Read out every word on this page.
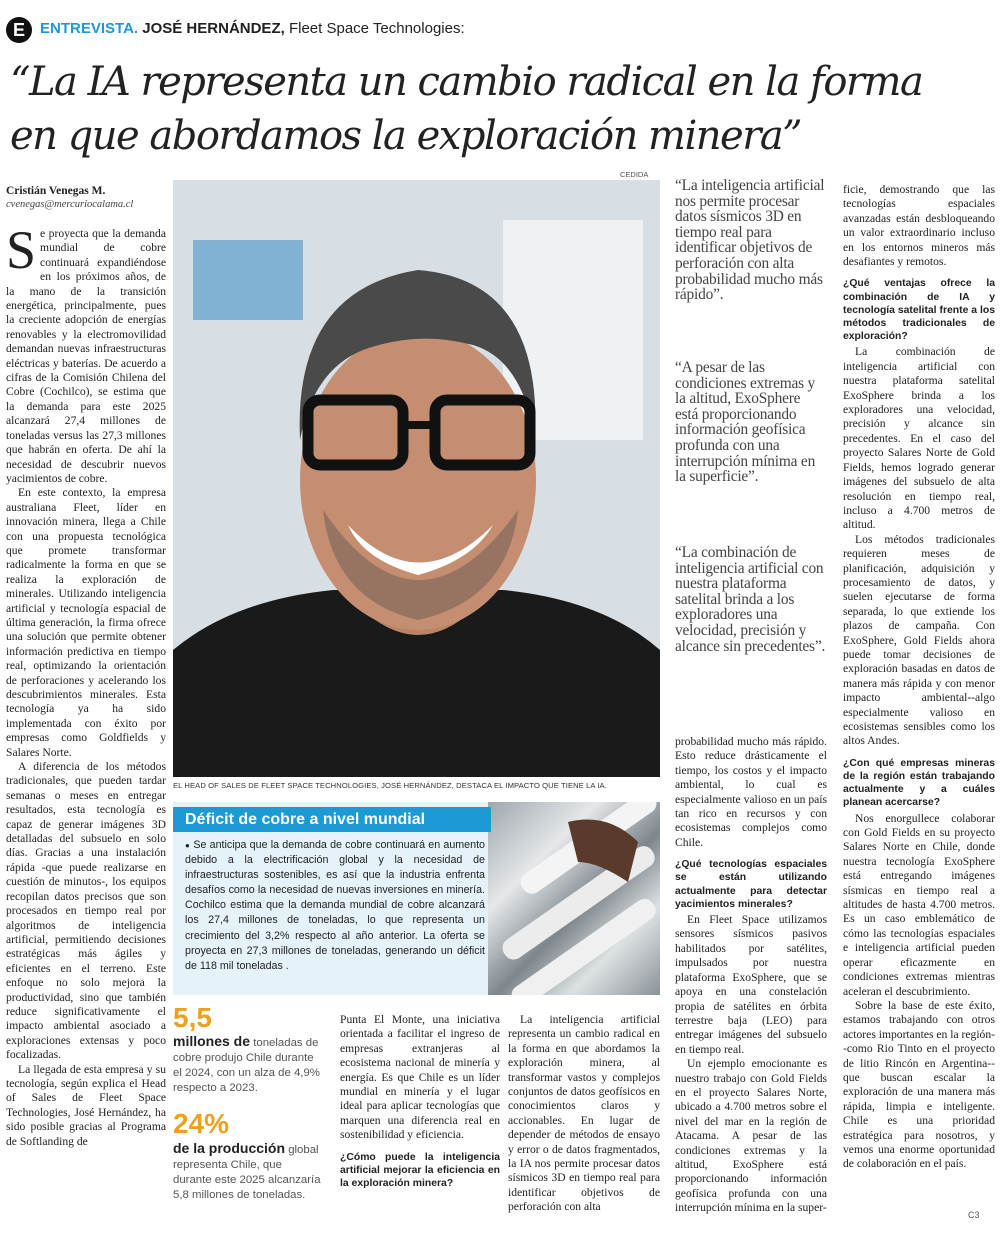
E	ENTREVISTA. JOSÉ HERNÁNDEZ, Fleet Space Technologies:
“La IA representa un cambio radical en la forma
en que abordamos la exploración minera”
Cristián Venegas M.
cvenegas@mercuriocalama.cl

Se proyecta que la demanda mundial de cobre continuará expandiéndose en los próximos años, de la mano de la transición energética, principalmente, pues la creciente adopción de energías renovables y la electromovilidad demandan nuevas infraestructuras eléctricas y baterías. De acuerdo a cifras de la Comisión Chilena del Cobre (Cochilco), se estima que la demanda para este 2025 alcanzará 27,4 millones de toneladas versus las 27,3 millones que habrán en oferta. De ahí la necesidad de descubrir nuevos yacimientos de cobre.

En este contexto, la empresa australiana Fleet, líder en innovación minera, llega a Chile con una propuesta tecnológica que promete transformar radicalmente la forma en que se realiza la exploración de minerales. Utilizando inteligencia artificial y tecnología espacial de última generación, la firma ofrece una solución que permite obtener información predictiva en tiempo real, optimizando la orientación de perforaciones y acelerando los descubrimientos minerales. Esta tecnología ya ha sido implementada con éxito por empresas como Goldfields y Salares Norte.

A diferencia de los métodos tradicionales, que pueden tardar semanas o meses en entregar resultados, esta tecnología es capaz de generar imágenes 3D detalladas del subsuelo en solo días. Gracias a una instalación rápida -que puede realizarse en cuestión de minutos-, los equipos recopilan datos precisos que son procesados en tiempo real por algoritmos de inteligencia artificial, permitiendo decisiones estratégicas más ágiles y eficientes en el terreno. Este enfoque no solo mejora la productividad, sino que también reduce significativamente el impacto ambiental asociado a exploraciones extensas y poco focalizadas.

La llegada de esta empresa y su tecnología, según explica el Head of Sales de Fleet Space Technologies, José Hernández, ha sido posible gracias al Programa de Softlanding de

CEDIDA
EL HEAD OF SALES DE FLEET SPACE TECHNOLOGIES, JOSÉ HERNÁNDEZ, DESTACA EL IMPACTO QUE TIENE LA IA.
Déficit de cobre a nivel mundial
● Se anticipa que la demanda de cobre continuará en aumento debido a la electrificación global y la necesidad de infraestructuras sostenibles, es así que la industria enfrenta desafíos como la necesidad de nuevas inversiones en minería. Cochilco estima que la demanda mundial de cobre alcanzará los 27,4 millones de toneladas, lo que representa un crecimiento del 3,2% respecto al año anterior. La oferta se proyecta en 27,3 millones de toneladas, generando un déficit de 118 mil toneladas .
5,5
millones de toneladas de cobre produjo Chile durante el 2024, con un alza de 4,9% respecto a 2023.
24%
de la producción global representa Chile, que durante este 2025 alcanzaría 5,8 millones de toneladas.

Punta El Monte, una iniciativa orientada a facilitar el ingreso de empresas extranjeras al ecosistema nacional de minería y energía. Es que Chile es un líder mundial en minería y el lugar ideal para aplicar tecnologías que marquen una diferencia real en sostenibilidad y eficiencia.

¿Cómo puede la inteligencia artificial mejorar la eficiencia en la exploración minera?

La inteligencia artificial representa un cambio radical en la forma en que abordamos la exploración minera, al transformar vastos y complejos conjuntos de datos geofísicos en conocimientos claros y accionables. En lugar de depender de métodos de ensayo y error o de datos fragmentados, la IA nos permite procesar datos sísmicos 3D en tiempo real para identificar objetivos de perforación con alta

“La inteligencia artificial nos permite procesar datos sísmicos 3D en tiempo real para identificar objetivos de perforación con alta probabilidad mucho más rápido”.
“A pesar de las condiciones extremas y la altitud, ExoSphere está proporcionando información geofísica profunda con una interrupción mínima en la superficie”.
“La combinación de inteligencia artificial con nuestra plataforma satelital brinda a los exploradores una velocidad, precisión y alcance sin precedentes”.

probabilidad mucho más rápido. Esto reduce drásticamente el tiempo, los costos y el impacto ambiental, lo cual es especialmente valioso en un país tan rico en recursos y con ecosistemas complejos como Chile.

¿Qué tecnologías espaciales se están utilizando actualmente para detectar yacimientos minerales?

En Fleet Space utilizamos sensores sísmicos pasivos habilitados por satélites, impulsados por nuestra plataforma ExoSphere, que se apoya en una constelación propia de satélites en órbita terrestre baja (LEO) para entregar imágenes del subsuelo en tiempo real.

Un ejemplo emocionante es nuestro trabajo con Gold Fields en el proyecto Salares Norte, ubicado a 4.700 metros sobre el nivel del mar en la región de Atacama. A pesar de las condiciones extremas y la altitud, ExoSphere está proporcionando información geofísica profunda con una interrupción mínima en la super-

ficie, demostrando que las tecnologías espaciales avanzadas están desbloqueando un valor extraordinario incluso en los entornos mineros más desafiantes y remotos.

¿Qué ventajas ofrece la combinación de IA y tecnología satelital frente a los métodos tradicionales de exploración?

La combinación de inteligencia artificial con nuestra plataforma satelital ExoSphere brinda a los exploradores una velocidad, precisión y alcance sin precedentes. En el caso del proyecto Salares Norte de Gold Fields, hemos logrado generar imágenes del subsuelo de alta resolución en tiempo real, incluso a 4.700 metros de altitud.

Los métodos tradicionales requieren meses de planificación, adquisición y procesamiento de datos, y suelen ejecutarse de forma separada, lo que extiende los plazos de campaña. Con ExoSphere, Gold Fields ahora puede tomar decisiones de exploración basadas en datos de manera más rápida y con menor impacto ambiental--algo especialmente valioso en ecosistemas sensibles como los altos Andes.

¿Con qué empresas mineras de la región están trabajando actualmente y a cuáles planean acercarse?

Nos enorgullece colaborar con Gold Fields en su proyecto Salares Norte en Chile, donde nuestra tecnología ExoSphere está entregando imágenes sísmicas en tiempo real a altitudes de hasta 4.700 metros. Es un caso emblemático de cómo las tecnologías espaciales e inteligencia artificial pueden operar eficazmente en condiciones extremas mientras aceleran el descubrimiento.

Sobre la base de este éxito, estamos trabajando con otros actores importantes en la región--como Rio Tinto en el proyecto de litio Rincón en Argentina--que buscan escalar la exploración de una manera más rápida, limpia e inteligente. Chile es una prioridad estratégica para nosotros, y vemos una enorme oportunidad de colaboración en el país.

C3
